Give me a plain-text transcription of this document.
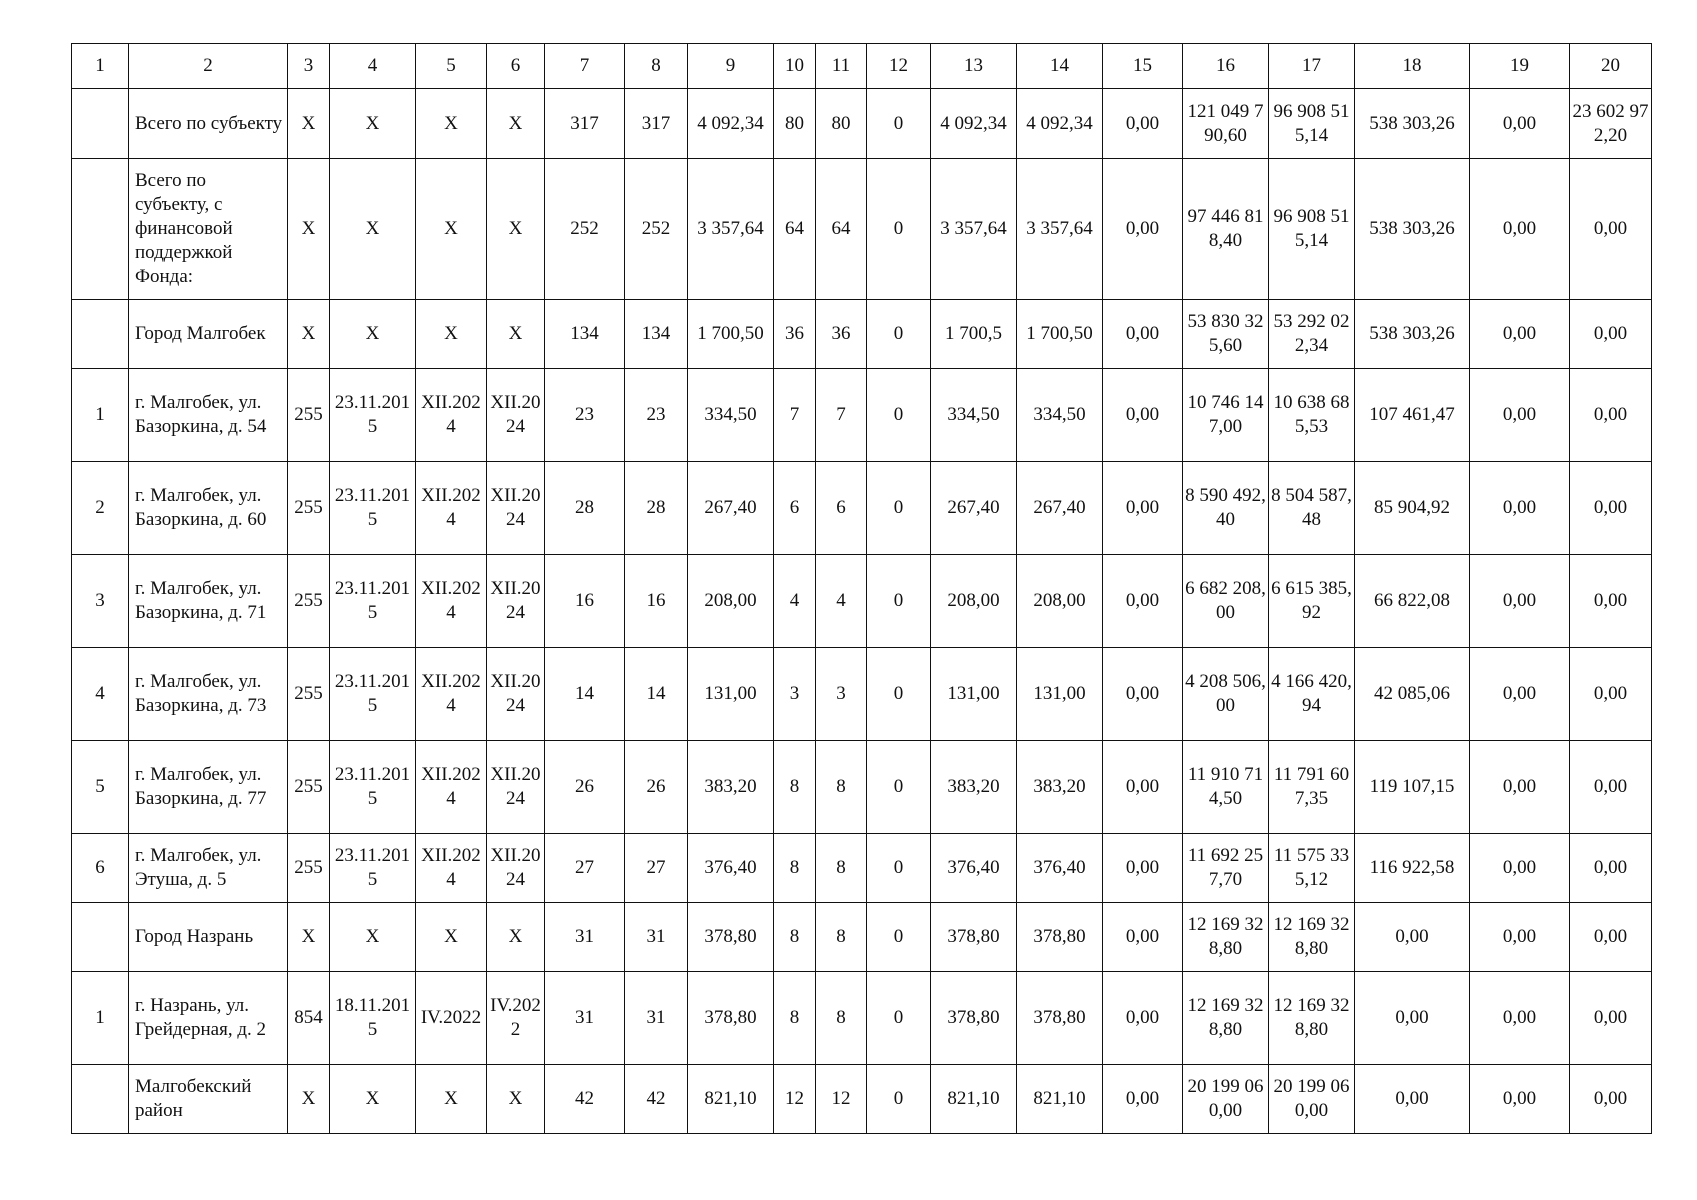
1	2	3	4	5	6	7	8	9	10	11	12	13	14	15	16	17	18	19	20
	Всего по субъекту	X	X	X	X	317	317	4 092,34	80	80	0	4 092,34	4 092,34	0,00	121 049 790,60	96 908 515,14	538 303,26	0,00	23 602 972,20
	Всего по субъекту, с финансовой поддержкой Фонда:	X	X	X	X	252	252	3 357,64	64	64	0	3 357,64	3 357,64	0,00	97 446 818,40	96 908 515,14	538 303,26	0,00	0,00
	Город Малгобек	X	X	X	X	134	134	1 700,50	36	36	0	1 700,5	1 700,50	0,00	53 830 325,60	53 292 022,34	538 303,26	0,00	0,00
1	г. Малгобек, ул. Базоркина, д. 54	255	23.11.2015	XII.2024	XII.2024	23	23	334,50	7	7	0	334,50	334,50	0,00	10 746 147,00	10 638 685,53	107 461,47	0,00	0,00
2	г. Малгобек, ул. Базоркина, д. 60	255	23.11.2015	XII.2024	XII.2024	28	28	267,40	6	6	0	267,40	267,40	0,00	8 590 492,40	8 504 587,48	85 904,92	0,00	0,00
3	г. Малгобек, ул. Базоркина, д. 71	255	23.11.2015	XII.2024	XII.2024	16	16	208,00	4	4	0	208,00	208,00	0,00	6 682 208,00	6 615 385,92	66 822,08	0,00	0,00
4	г. Малгобек, ул. Базоркина, д. 73	255	23.11.2015	XII.2024	XII.2024	14	14	131,00	3	3	0	131,00	131,00	0,00	4 208 506,00	4 166 420,94	42 085,06	0,00	0,00
5	г. Малгобек, ул. Базоркина, д. 77	255	23.11.2015	XII.2024	XII.2024	26	26	383,20	8	8	0	383,20	383,20	0,00	11 910 714,50	11 791 607,35	119 107,15	0,00	0,00
6	г. Малгобек, ул. Этуша, д. 5	255	23.11.2015	XII.2024	XII.2024	27	27	376,40	8	8	0	376,40	376,40	0,00	11 692 257,70	11 575 335,12	116 922,58	0,00	0,00
	Город Назрань	X	X	X	X	31	31	378,80	8	8	0	378,80	378,80	0,00	12 169 328,80	12 169 328,80	0,00	0,00	0,00
1	г. Назрань, ул. Грейдерная, д. 2	854	18.11.2015	IV.2022	IV.2022	31	31	378,80	8	8	0	378,80	378,80	0,00	12 169 328,80	12 169 328,80	0,00	0,00	0,00
	Малгобекский район	X	X	X	X	42	42	821,10	12	12	0	821,10	821,10	0,00	20 199 060,00	20 199 060,00	0,00	0,00	0,00
